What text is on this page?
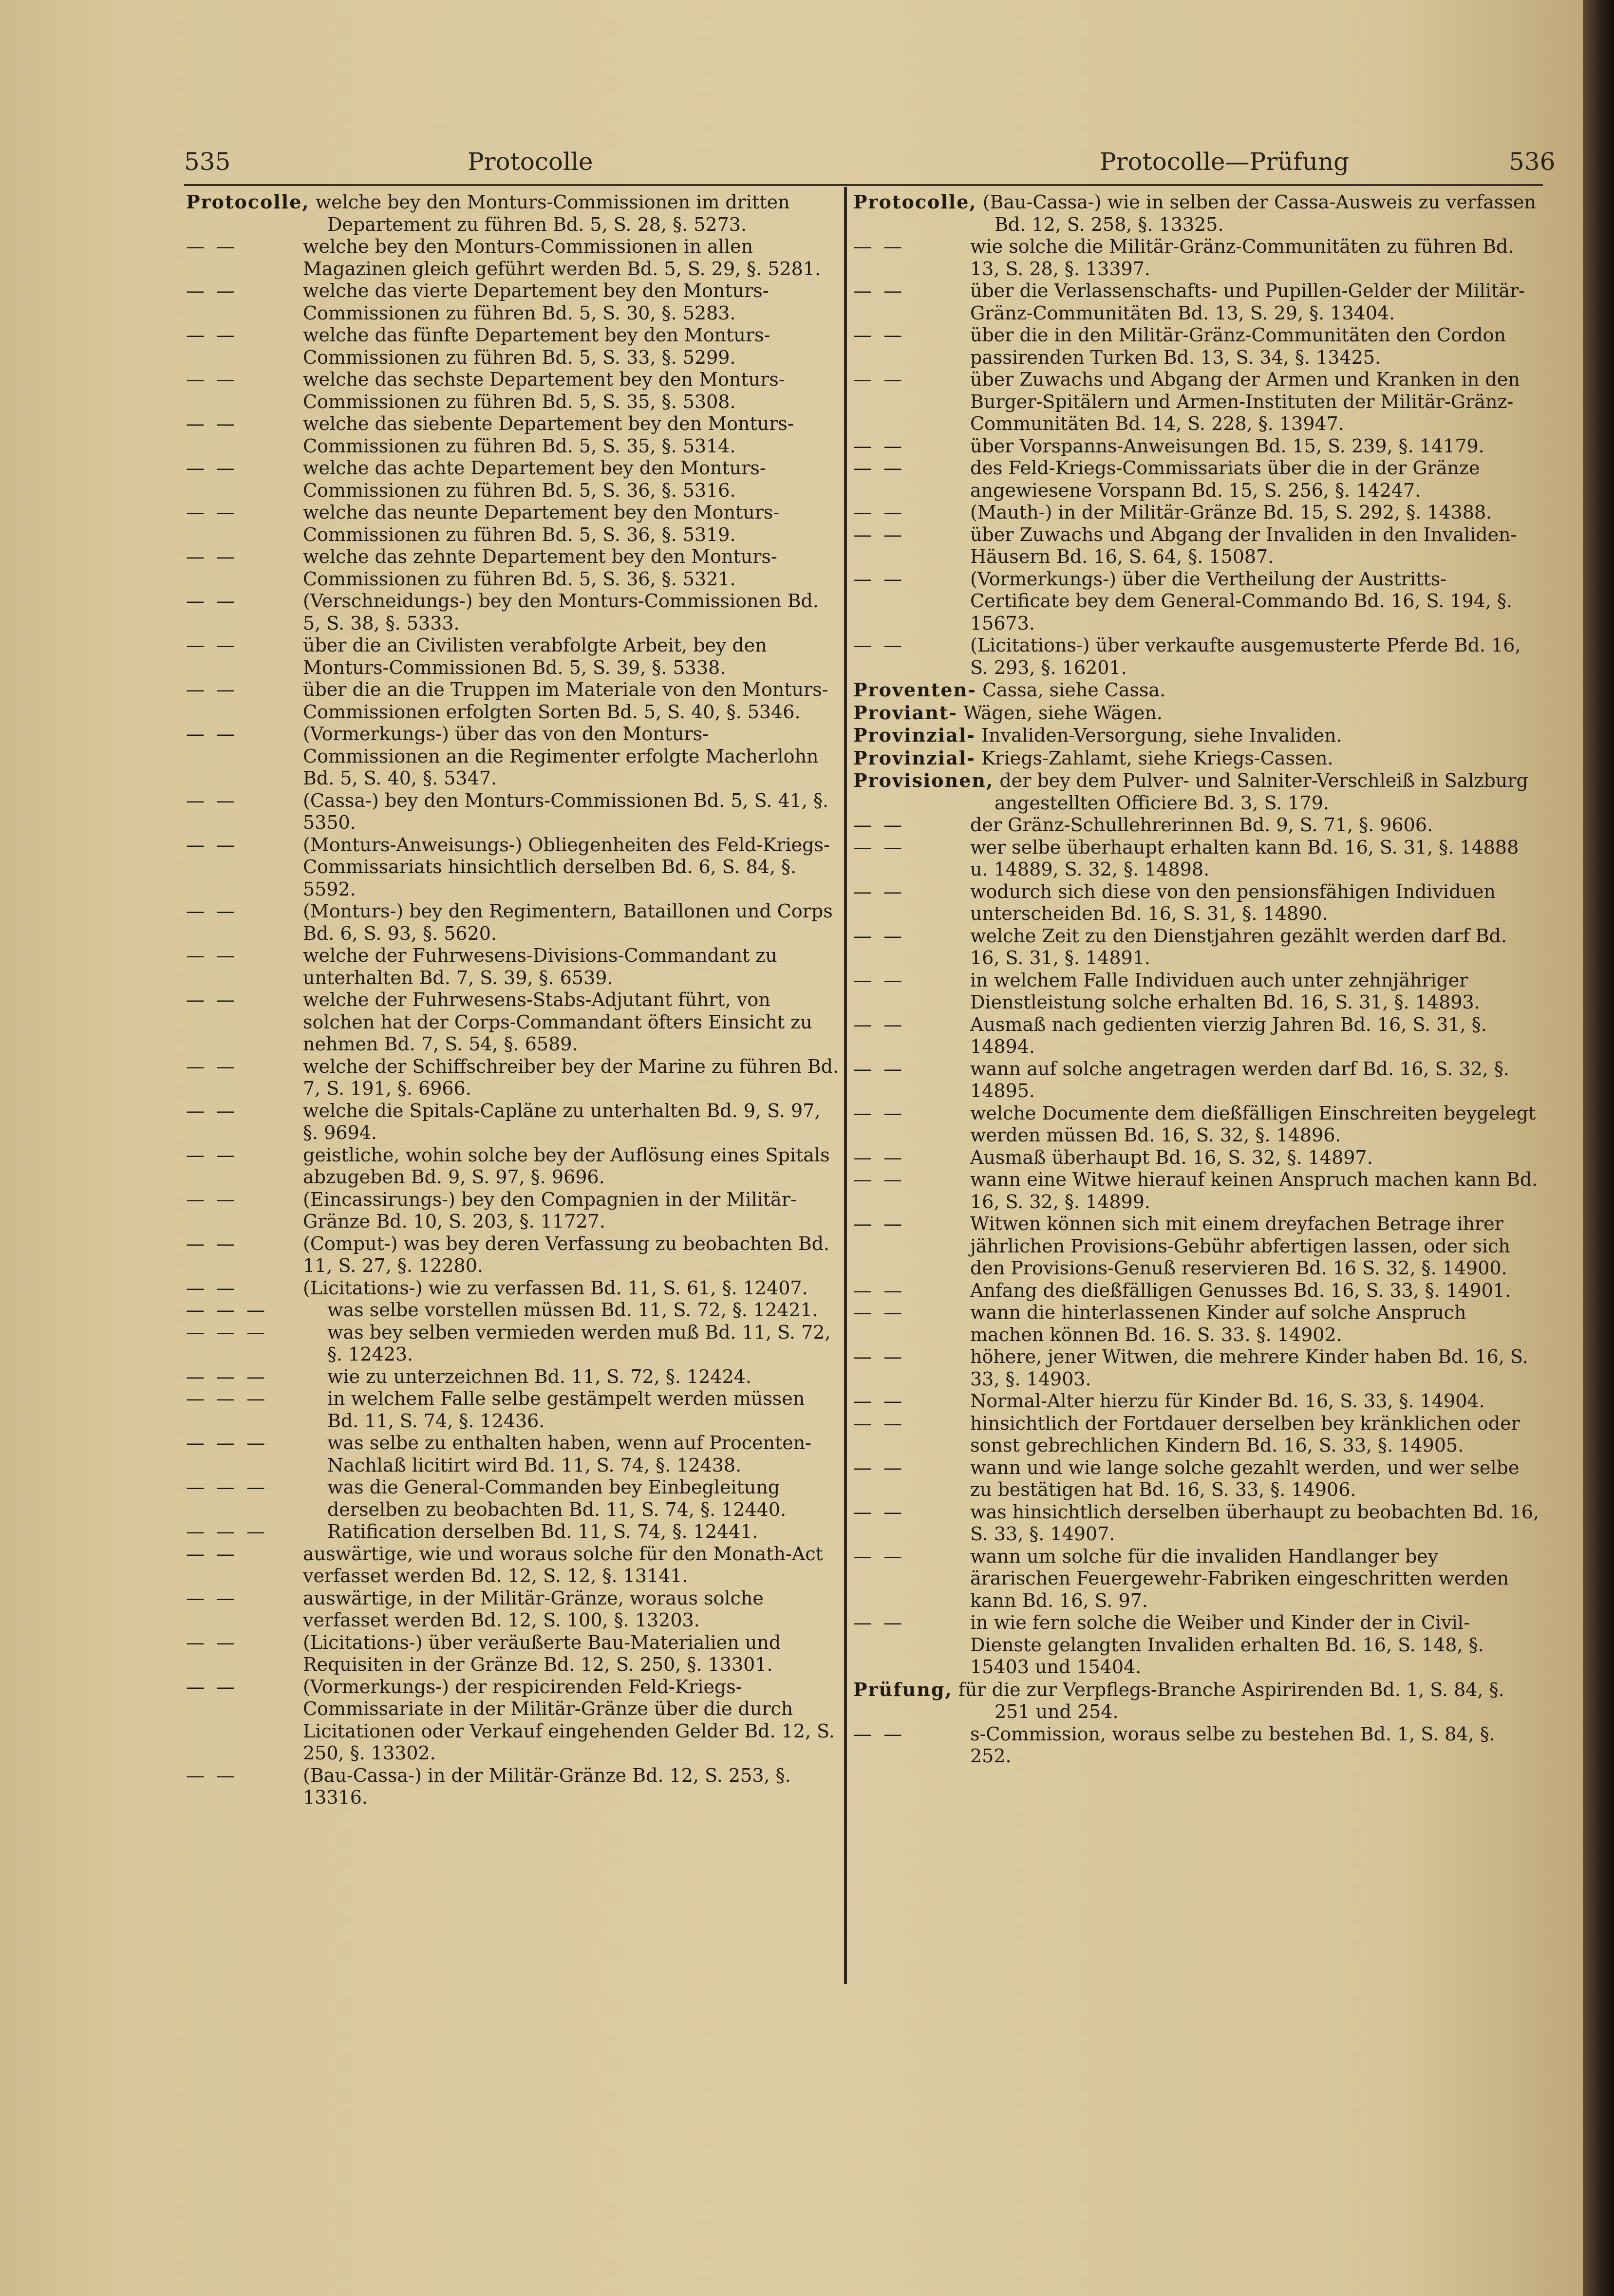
535	Protocolle	Protocolle—Prüfung	536
Protocolle, welche bey den Monturs-Commissionen im dritten Departement zu führen Bd. 5, S. 28, §. 5273.
— —	welche bey den Monturs-Commissionen in allen Magazinen gleich geführt werden Bd. 5, S. 29, §. 5281.
— —	welche das vierte Departement bey den Monturs-Commissionen zu führen Bd. 5, S. 30, §. 5283.
— —	welche das fünfte Departement bey den Monturs-Commissionen zu führen Bd. 5, S. 33, §. 5299.
— —	welche das sechste Departement bey den Monturs-Commissionen zu führen Bd. 5, S. 35, §. 5308.
— —	welche das siebente Departement bey den Monturs-Commissionen zu führen Bd. 5, S. 35, §. 5314.
— —	welche das achte Departement bey den Monturs-Commissionen zu führen Bd. 5, S. 36, §. 5316.
— —	welche das neunte Departement bey den Monturs-Commissionen zu führen Bd. 5, S. 36, §. 5319.
— —	welche das zehnte Departement bey den Monturs-Commissionen zu führen Bd. 5, S. 36, §. 5321.
— —	(Verschneidungs-) bey den Monturs-Commissionen Bd. 5, S. 38, §. 5333.
— —	über die an Civilisten verabfolgte Arbeit, bey den Monturs-Commissionen Bd. 5, S. 39, §. 5338.
— —	über die an die Truppen im Materiale von den Monturs-Commissionen erfolgten Sorten Bd. 5, S. 40, §. 5346.
— —	(Vormerkungs-) über das von den Monturs-Commissionen an die Regimenter erfolgte Macherlohn Bd. 5, S. 40, §. 5347.
— —	(Cassa-) bey den Monturs-Commissionen Bd. 5, S. 41, §. 5350.
— —	(Monturs-Anweisungs-) Obliegenheiten des Feld-Kriegs-Commissariats hinsichtlich derselben Bd. 6, S. 84, §. 5592.
— —	(Monturs-) bey den Regimentern, Bataillonen und Corps Bd. 6, S. 93, §. 5620.
— —	welche der Fuhrwesens-Divisions-Commandant zu unterhalten Bd. 7, S. 39, §. 6539.
— —	welche der Fuhrwesens-Stabs-Adjutant führt, von solchen hat der Corps-Commandant öfters Einsicht zu nehmen Bd. 7, S. 54, §. 6589.
— —	welche der Schiffschreiber bey der Marine zu führen Bd. 7, S. 191, §. 6966.
— —	welche die Spitals-Capläne zu unterhalten Bd. 9, S. 97, §. 9694.
— —	geistliche, wohin solche bey der Auflösung eines Spitals abzugeben Bd. 9, S. 97, §. 9696.
— —	(Eincassirungs-) bey den Compagnien in der Militär-Gränze Bd. 10, S. 203, §. 11727.
— —	(Comput-) was bey deren Verfassung zu beobachten Bd. 11, S. 27, §. 12280.
— —	(Licitations-) wie zu verfassen Bd. 11, S. 61, §. 12407.
— — —	was selbe vorstellen müssen Bd. 11, S. 72, §. 12421.
— — —	was bey selben vermieden werden muß Bd. 11, S. 72, §. 12423.
— — —	wie zu unterzeichnen Bd. 11, S. 72, §. 12424.
— — —	in welchem Falle selbe gestämpelt werden müssen Bd. 11, S. 74, §. 12436.
— — —	was selbe zu enthalten haben, wenn auf Procenten-Nachlaß licitirt wird Bd. 11, S. 74, §. 12438.
— — —	was die General-Commanden bey Einbegleitung derselben zu beobachten Bd. 11, S. 74, §. 12440.
— — —	Ratification derselben Bd. 11, S. 74, §. 12441.
— —	auswärtige, wie und woraus solche für den Monath-Act verfasset werden Bd. 12, S. 12, §. 13141.
— —	auswärtige, in der Militär-Gränze, woraus solche verfasset werden Bd. 12, S. 100, §. 13203.
— —	(Licitations-) über veräußerte Bau-Materialien und Requisiten in der Gränze Bd. 12, S. 250, §. 13301.
— —	(Vormerkungs-) der respicirenden Feld-Kriegs-Commissariate in der Militär-Gränze über die durch Licitationen oder Verkauf eingehenden Gelder Bd. 12, S. 250, §. 13302.
— —	(Bau-Cassa-) in der Militär-Gränze Bd. 12, S. 253, §. 13316.
Protocolle, (Bau-Cassa-) wie in selben der Cassa-Ausweis zu verfassen Bd. 12, S. 258, §. 13325.
— —	wie solche die Militär-Gränz-Communitäten zu führen Bd. 13, S. 28, §. 13397.
— —	über die Verlassenschafts- und Pupillen-Gelder der Militär-Gränz-Communitäten Bd. 13, S. 29, §. 13404.
— —	über die in den Militär-Gränz-Communitäten den Cordon passirenden Turken Bd. 13, S. 34, §. 13425.
— —	über Zuwachs und Abgang der Armen und Kranken in den Burger-Spitälern und Armen-Instituten der Militär-Gränz-Communitäten Bd. 14, S. 228, §. 13947.
— —	über Vorspanns-Anweisungen Bd. 15, S. 239, §. 14179.
— —	des Feld-Kriegs-Commissariats über die in der Gränze angewiesene Vorspann Bd. 15, S. 256, §. 14247.
— —	(Mauth-) in der Militär-Gränze Bd. 15, S. 292, §. 14388.
— —	über Zuwachs und Abgang der Invaliden in den Invaliden-Häusern Bd. 16, S. 64, §. 15087.
— —	(Vormerkungs-) über die Vertheilung der Austritts-Certificate bey dem General-Commando Bd. 16, S. 194, §. 15673.
— —	(Licitations-) über verkaufte ausgemusterte Pferde Bd. 16, S. 293, §. 16201.
Proventen- Cassa, siehe Cassa.
Proviant- Wägen, siehe Wägen.
Provinzial- Invaliden-Versorgung, siehe Invaliden.
Provinzial- Kriegs-Zahlamt, siehe Kriegs-Cassen.
Provisionen, der bey dem Pulver- und Salniter-Verschleiß in Salzburg angestellten Officiere Bd. 3, S. 179.
— —	der Gränz-Schullehrerinnen Bd. 9, S. 71, §. 9606.
— —	wer selbe überhaupt erhalten kann Bd. 16, S. 31, §. 14888 u. 14889, S. 32, §. 14898.
— —	wodurch sich diese von den pensionsfähigen Individuen unterscheiden Bd. 16, S. 31, §. 14890.
— —	welche Zeit zu den Dienstjahren gezählt werden darf Bd. 16, S. 31, §. 14891.
— —	in welchem Falle Individuen auch unter zehnjähriger Dienstleistung solche erhalten Bd. 16, S. 31, §. 14893.
— —	Ausmaß nach gedienten vierzig Jahren Bd. 16, S. 31, §. 14894.
— —	wann auf solche angetragen werden darf Bd. 16, S. 32, §. 14895.
— —	welche Documente dem dießfälligen Einschreiten beygelegt werden müssen Bd. 16, S. 32, §. 14896.
— —	Ausmaß überhaupt Bd. 16, S. 32, §. 14897.
— —	wann eine Witwe hierauf keinen Anspruch machen kann Bd. 16, S. 32, §. 14899.
— —	Witwen können sich mit einem dreyfachen Betrage ihrer jährlichen Provisions-Gebühr abfertigen lassen, oder sich den Provisions-Genuß reservieren Bd. 16 S. 32, §. 14900.
— —	Anfang des dießfälligen Genusses Bd. 16, S. 33, §. 14901.
— —	wann die hinterlassenen Kinder auf solche Anspruch machen können Bd. 16. S. 33. §. 14902.
— —	höhere, jener Witwen, die mehrere Kinder haben Bd. 16, S. 33, §. 14903.
— —	Normal-Alter hierzu für Kinder Bd. 16, S. 33, §. 14904.
— —	hinsichtlich der Fortdauer derselben bey kränklichen oder sonst gebrechlichen Kindern Bd. 16, S. 33, §. 14905.
— —	wann und wie lange solche gezahlt werden, und wer selbe zu bestätigen hat Bd. 16, S. 33, §. 14906.
— —	was hinsichtlich derselben überhaupt zu beobachten Bd. 16, S. 33, §. 14907.
— —	wann um solche für die invaliden Handlanger bey ärarischen Feuergewehr-Fabriken eingeschritten werden kann Bd. 16, S. 97.
— —	in wie fern solche die Weiber und Kinder der in Civil-Dienste gelangten Invaliden erhalten Bd. 16, S. 148, §. 15403 und 15404.
Prüfung, für die zur Verpflegs-Branche Aspirirenden Bd. 1, S. 84, §. 251 und 254.
— —	s-Commission, woraus selbe zu bestehen Bd. 1, S. 84, §. 252.
